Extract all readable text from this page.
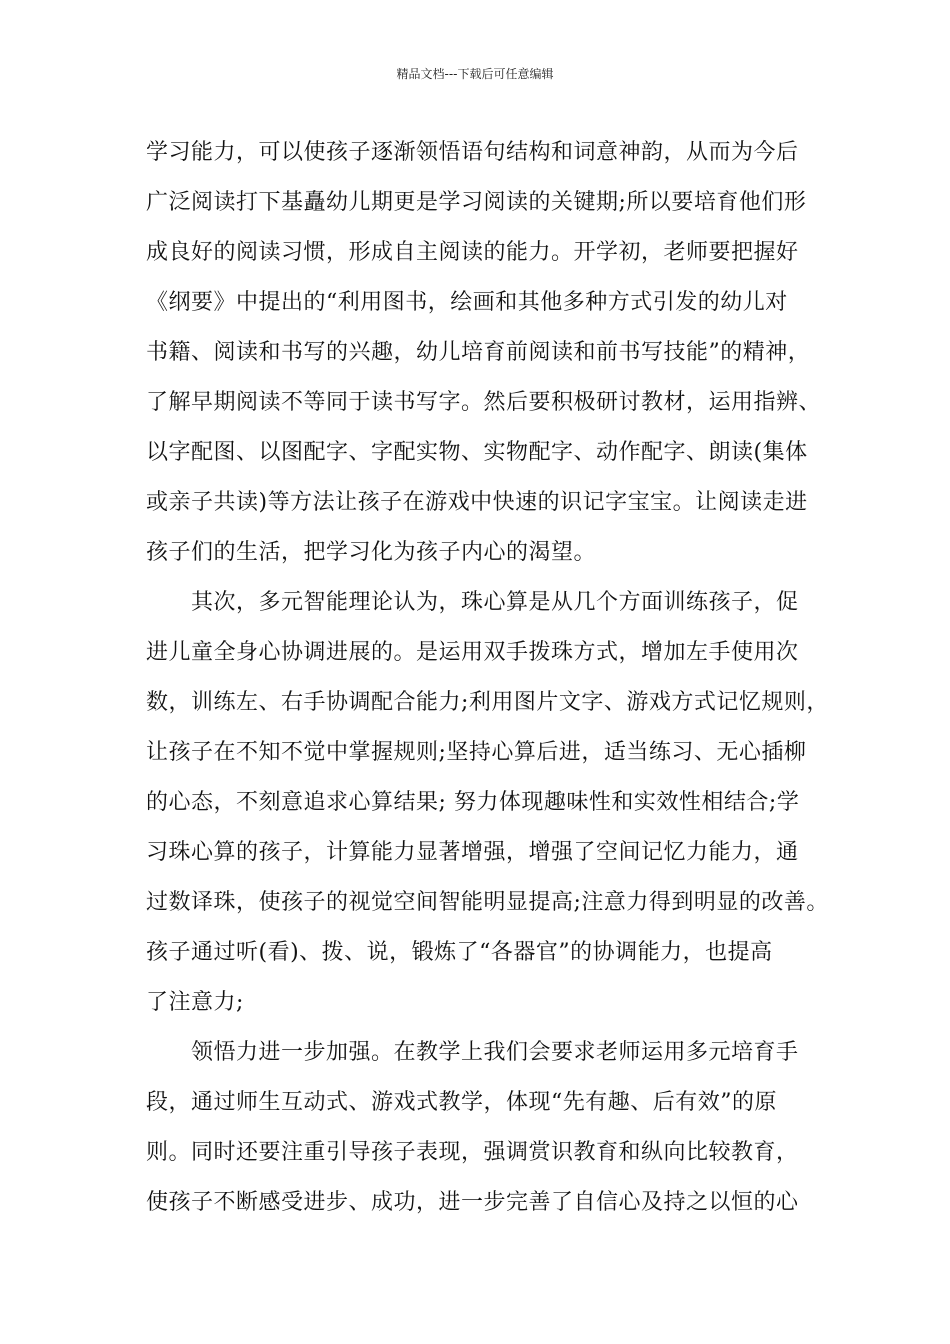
精品文档---下载后可任意编辑
学习能力，可以使孩子逐渐领悟语句结构和词意神韵，从而为今后
广泛阅读打下基矗幼儿期更是学习阅读的关键期;所以要培育他们形
成良好的阅读习惯，形成自主阅读的能力。开学初，老师要把握好
《纲要》中提出的“利用图书，绘画和其他多种方式引发的幼儿对
书籍、阅读和书写的兴趣，幼儿培育前阅读和前书写技能”的精神，
了解早期阅读不等同于读书写字。然后要积极研讨教材，运用指辨、
以字配图、以图配字、字配实物、实物配字、动作配字、朗读(集体
或亲子共读)等方法让孩子在游戏中快速的识记字宝宝。让阅读走进
孩子们的生活，把学习化为孩子内心的渴望。
其次，多元智能理论认为，珠心算是从几个方面训练孩子，促
进儿童全身心协调进展的。是运用双手拨珠方式，增加左手使用次
数，训练左、右手协调配合能力;利用图片文字、游戏方式记忆规则，
让孩子在不知不觉中掌握规则;坚持心算后进，适当练习、无心插柳
的心态，不刻意追求心算结果; 努力体现趣味性和实效性相结合;学
习珠心算的孩子，计算能力显著增强，增强了空间记忆力能力，通
过数译珠，使孩子的视觉空间智能明显提高;注意力得到明显的改善。
孩子通过听(看)、拨、说，锻炼了“各器官”的协调能力，也提高
了注意力;
领悟力进一步加强。在教学上我们会要求老师运用多元培育手
段，通过师生互动式、游戏式教学，体现“先有趣、后有效”的原
则。同时还要注重引导孩子表现，强调赏识教育和纵向比较教育，
使孩子不断感受进步、成功，进一步完善了自信心及持之以恒的心
